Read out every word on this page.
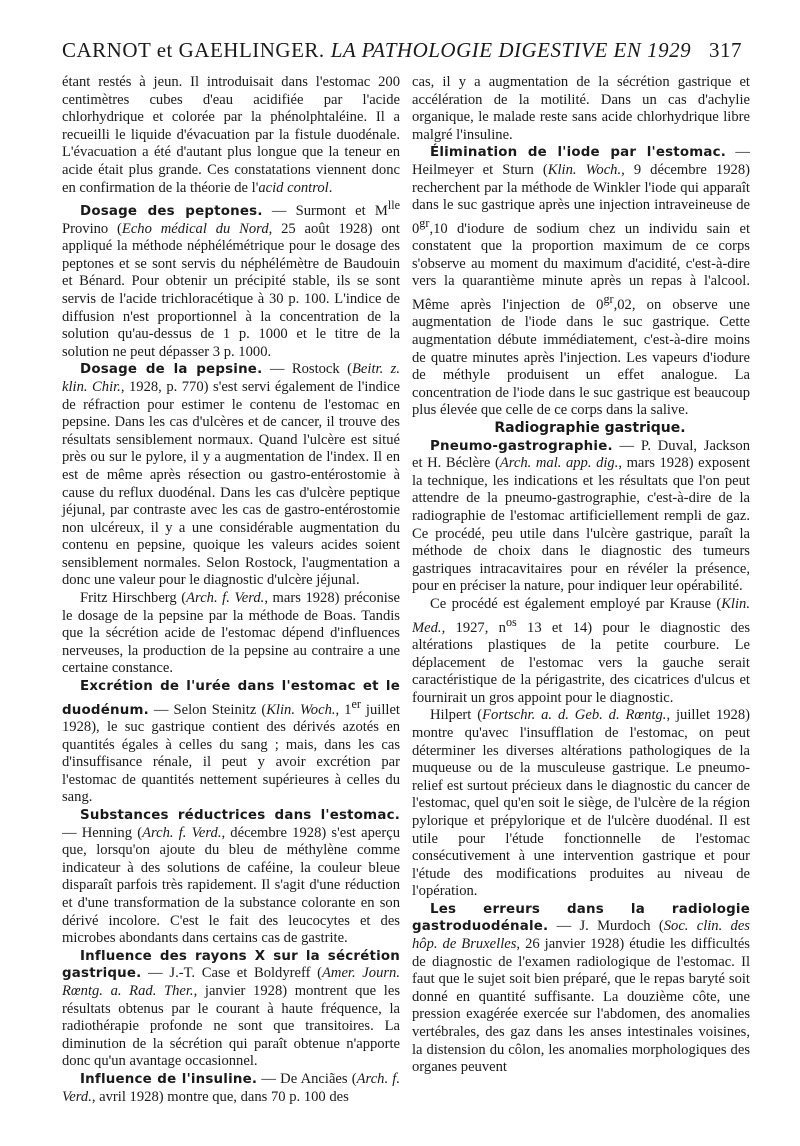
CARNOT et GAEHLINGER. LA PATHOLOGIE DIGESTIVE EN 1929 317

étant restés à jeun. Il introduisait dans l'estomac 200 centimètres cubes d'eau acidifiée par l'acide chlorhydrique et colorée par la phénolphtaléine. Il a recueilli le liquide d'évacuation par la fistule duodénale. L'évacuation a été d'autant plus longue que la teneur en acide était plus grande. Ces constatations viennent donc en confirmation de la théorie de l'acid control.

Dosage des peptones. — Surmont et $M^{lle}$ Provino (Echo médical du Nord, 25 août 1928) ont appliqué la méthode néphélémétrique pour le dosage des peptones et se sont servis du néphélémètre de Baudouin et Bénard. Pour obtenir un précipité stable, ils se sont servis de l'acide trichloracétique à 30 p. 100. L'indice de diffusion n'est proportionnel à la concentration de la solution qu'au-dessus de 1 p. 1000 et le titre de la solution ne peut dépasser 3 p. 1000.

Dosage de la pepsine. — Rostock (Beitr. z. klin. Chir., 1928, p. 770) s'est servi également de l'indice de réfraction pour estimer le contenu de l'estomac en pepsine. Dans les cas d'ulcères et de cancer, il trouve des résultats sensiblement normaux. Quand l'ulcère est situé près ou sur le pylore, il y a augmentation de l'index. Il en est de même après résection ou gastro-entérostomie à cause du reflux duodénal. Dans les cas d'ulcère peptique jéjunal, par contraste avec les cas de gastro-entérostomie non ulcéreux, il y a une considérable augmentation du contenu en pepsine, quoique les valeurs acides soient sensiblement normales. Selon Rostock, l'augmentation a donc une valeur pour le diagnostic d'ulcère jéjunal.

Fritz Hirschberg (Arch. f. Verd., mars 1928) préconise le dosage de la pepsine par la méthode de Boas. Tandis que la sécrétion acide de l'estomac dépend d'influences nerveuses, la production de la pepsine au contraire a une certaine constance.

Excrétion de l'urée dans l'estomac et le duodénum. — Selon Steinitz (Klin. Woch., 1er juillet 1928), le suc gastrique contient des dérivés azotés en quantités égales à celles du sang ; mais, dans les cas d'insuffisance rénale, il peut y avoir excrétion par l'estomac de quantités nettement supérieures à celles du sang.

Substances réductrices dans l'estomac. — Henning (Arch. f. Verd., décembre 1928) s'est aperçu que, lorsqu'on ajoute du bleu de méthylène comme indicateur à des solutions de caféine, la couleur bleue disparaît parfois très rapidement. Il s'agit d'une réduction et d'une transformation de la substance colorante en son dérivé incolore. C'est le fait des leucocytes et des microbes abondants dans certains cas de gastrite.

Influence des rayons X sur la sécrétion gastrique. — J.-T. Case et Boldyreff (Amer. Journ. Rœntg. a. Rad. Ther., janvier 1928) montrent que les résultats obtenus par le courant à haute fréquence, la radiothérapie profonde ne sont que transitoires. La diminution de la sécrétion qui paraît obtenue n'apporte donc qu'un avantage occasionnel.

Influence de l'insuline. — De Anciães (Arch. f. Verd., avril 1928) montre que, dans 70 p. 100 des

cas, il y a augmentation de la sécrétion gastrique et accélération de la motilité. Dans un cas d'achylie organique, le malade reste sans acide chlorhydrique libre malgré l'insuline.

Élimination de l'iode par l'estomac. — Heilmeyer et Sturn (Klin. Woch., 9 décembre 1928) recherchent par la méthode de Winkler l'iode qui apparaît dans le suc gastrique après une injection intraveineuse de $0^{gr},10$ d'iodure de sodium chez un individu sain et constatent que la proportion maximum de ce corps s'observe au moment du maximum d'acidité, c'est-à-dire vers la quarantième minute après un repas à l'alcool. Même après l'injection de $0^{gr},02$, on observe une augmentation de l'iode dans le suc gastrique. Cette augmentation débute immédiatement, c'est-à-dire moins de quatre minutes après l'injection. Les vapeurs d'iodure de méthyle produisent un effet analogue. La concentration de l'iode dans le suc gastrique est beaucoup plus élevée que celle de ce corps dans la salive.

Radiographie gastrique.

Pneumo-gastrographie. — P. Duval, Jackson et H. Béclère (Arch. mal. app. dig., mars 1928) exposent la technique, les indications et les résultats que l'on peut attendre de la pneumo-gastrographie, c'est-à-dire de la radiographie de l'estomac artificiellement rempli de gaz. Ce procédé, peu utile dans l'ulcère gastrique, paraît la méthode de choix dans le diagnostic des tumeurs gastriques intracavitaires pour en révéler la présence, pour en préciser la nature, pour indiquer leur opérabilité.

Ce procédé est également employé par Krause (Klin. Med., 1927, $n^{os}$ 13 et 14) pour le diagnostic des altérations plastiques de la petite courbure. Le déplacement de l'estomac vers la gauche serait caractéristique de la périgastrite, des cicatrices d'ulcus et fournirait un gros appoint pour le diagnostic.

Hilpert (Fortschr. a. d. Geb. d. Rœntg., juillet 1928) montre qu'avec l'insufflation de l'estomac, on peut déterminer les diverses altérations pathologiques de la muqueuse ou de la musculeuse gastrique. Le pneumo-relief est surtout précieux dans le diagnostic du cancer de l'estomac, quel qu'en soit le siège, de l'ulcère de la région pylorique et prépylorique et de l'ulcère duodénal. Il est utile pour l'étude fonctionnelle de l'estomac consécutivement à une intervention gastrique et pour l'étude des modifications produites au niveau de l'opération.

Les erreurs dans la radiologie gastroduodénale. — J. Murdoch (Soc. clin. des hôp. de Bruxelles, 26 janvier 1928) étudie les difficultés de diagnostic de l'examen radiologique de l'estomac. Il faut que le sujet soit bien préparé, que le repas baryté soit donné en quantité suffisante. La douzième côte, une pression exagérée exercée sur l'abdomen, des anomalies vertébrales, des gaz dans les anses intestinales voisines, la distension du côlon, les anomalies morphologiques des organes peuvent
